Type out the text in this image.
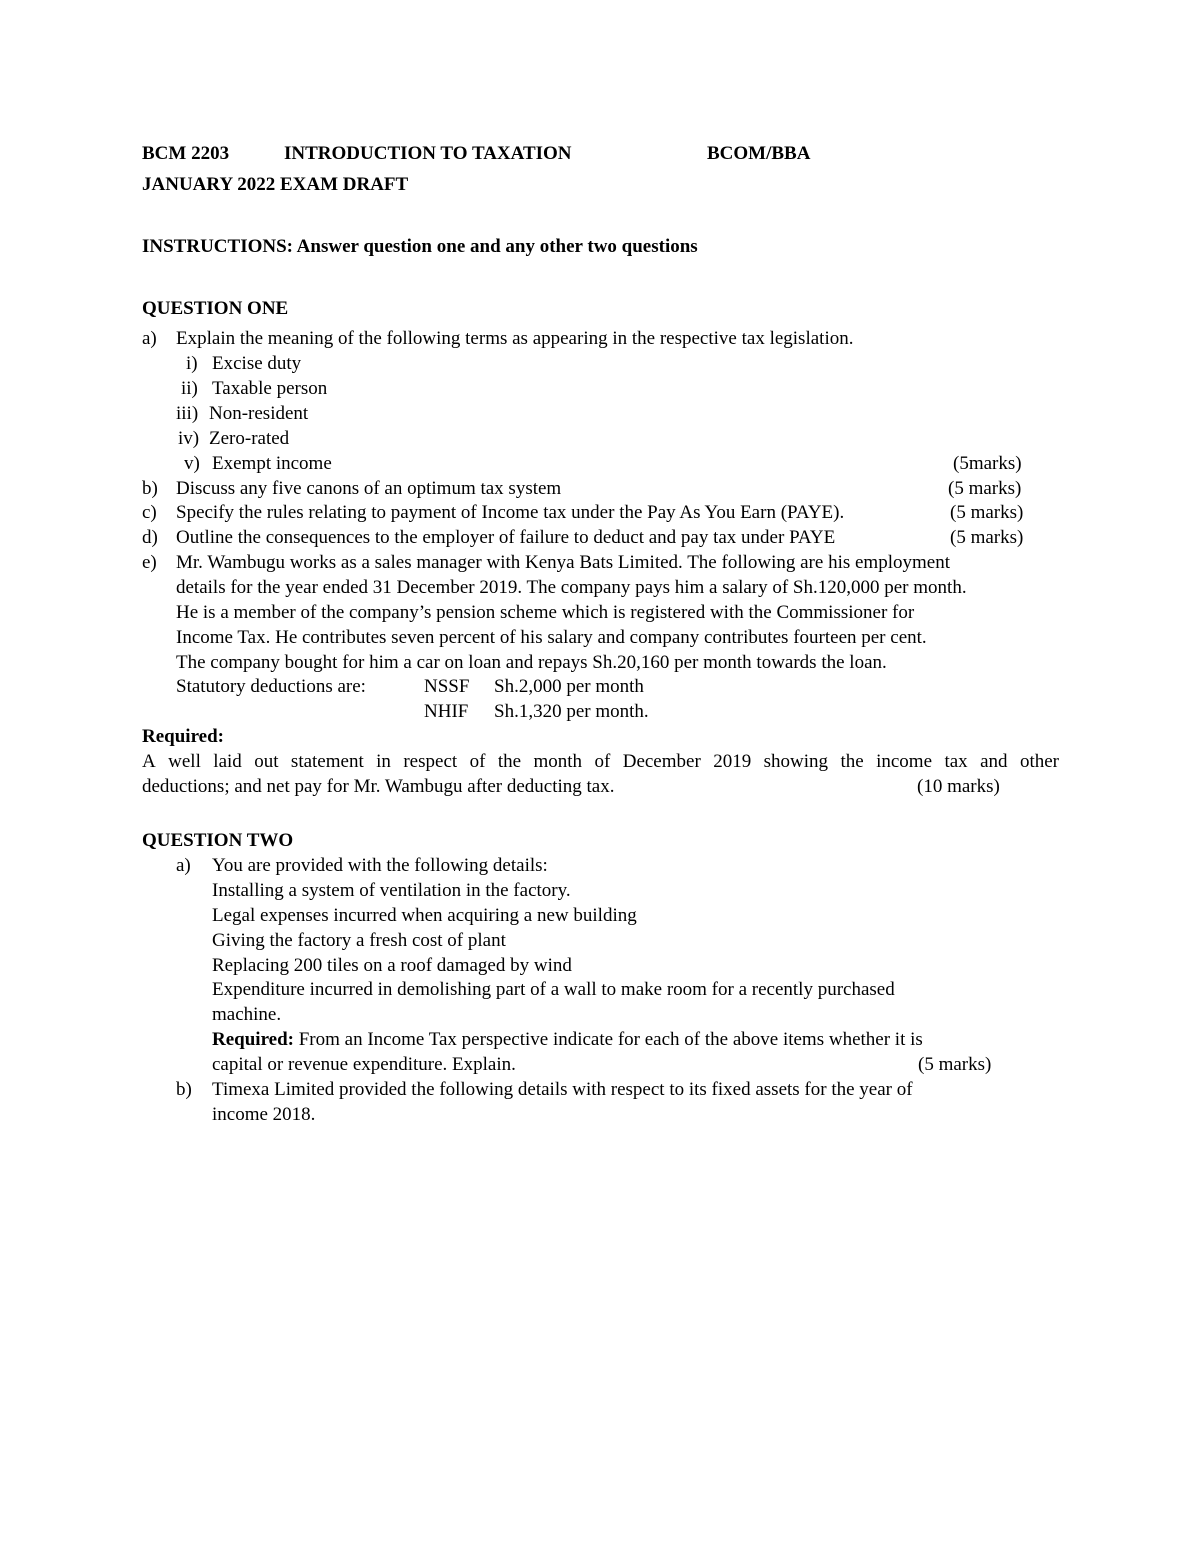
BCM 2203	INTRODUCTION TO TAXATION	BCOM/BBA
JANUARY 2022 EXAM DRAFT
INSTRUCTIONS: Answer question one and any other two questions
QUESTION ONE
a) Explain the meaning of the following terms as appearing in the respective tax legislation.
i) Excise duty
ii) Taxable person
iii) Non-resident
iv) Zero-rated
v) Exempt income	(5marks)
b) Discuss any five canons of an optimum tax system	(5 marks)
c) Specify the rules relating to payment of Income tax under the Pay As You Earn (PAYE).	(5 marks)
d) Outline the consequences to the employer of failure to deduct and pay tax under PAYE	(5 marks)
e) Mr. Wambugu works as a sales manager with Kenya Bats Limited. The following are his employment
details for the year ended 31 December 2019. The company pays him a salary of Sh.120,000 per month.
He is a member of the company’s pension scheme which is registered with the Commissioner for
Income Tax. He contributes seven percent of his salary and company contributes fourteen per cent.
The company bought for him a car on loan and repays Sh.20,160 per month towards the loan.
Statutory deductions are:	NSSF Sh.2,000 per month
NHIF Sh.1,320 per month.
Required:
A well laid out statement in respect of the month of December 2019 showing the income tax and other
deductions; and net pay for Mr. Wambugu after deducting tax.	(10 marks)
QUESTION TWO
a) You are provided with the following details:
Installing a system of ventilation in the factory.
Legal expenses incurred when acquiring a new building
Giving the factory a fresh cost of plant
Replacing 200 tiles on a roof damaged by wind
Expenditure incurred in demolishing part of a wall to make room for a recently purchased
machine.
Required: From an Income Tax perspective indicate for each of the above items whether it is
capital or revenue expenditure. Explain.	(5 marks)
b) Timexa Limited provided the following details with respect to its fixed assets for the year of
income 2018.
